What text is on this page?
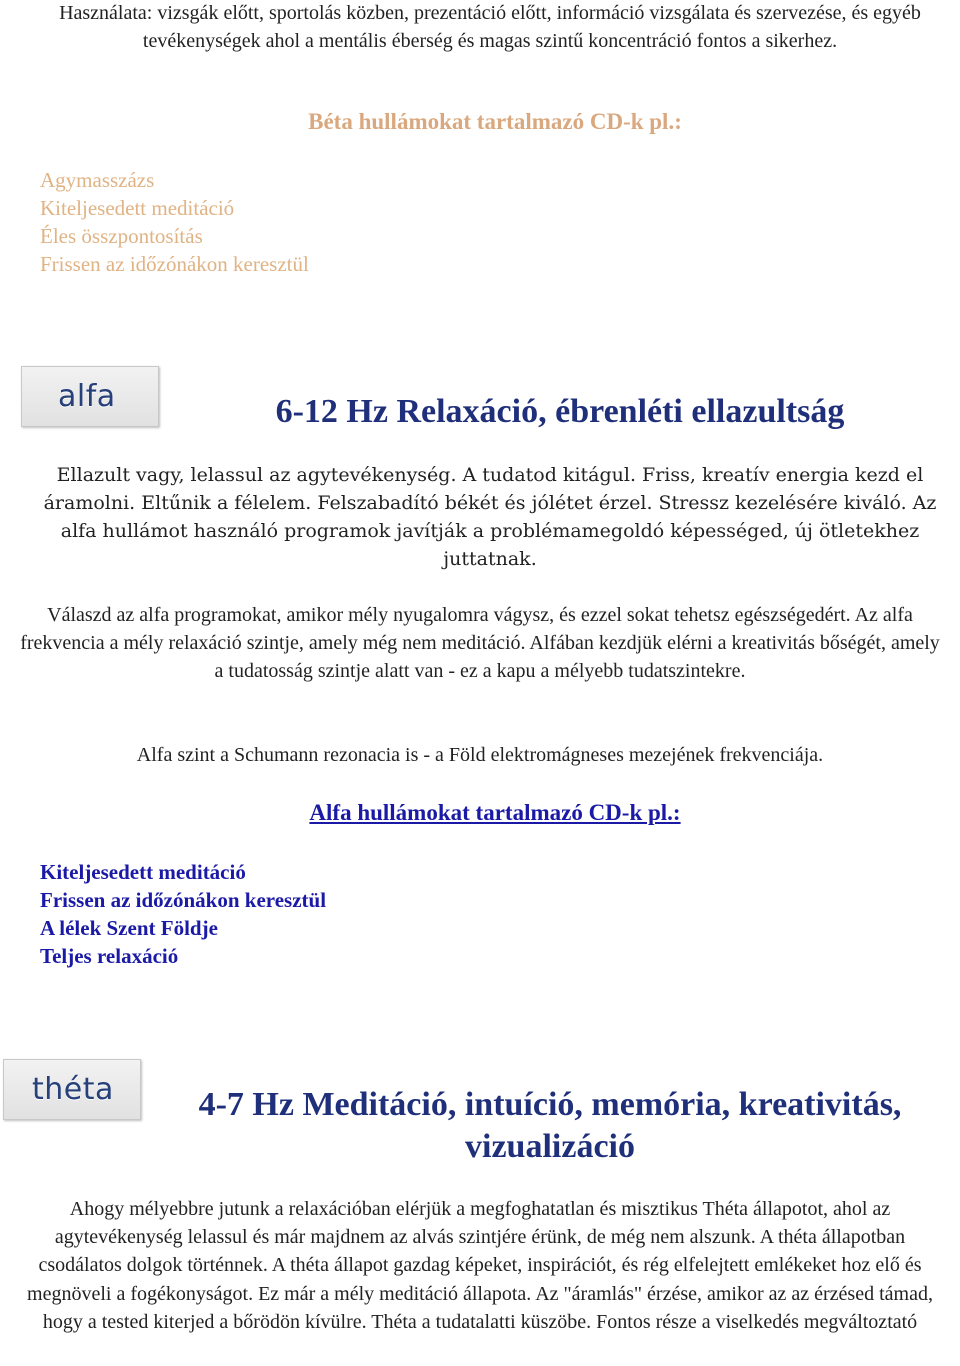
Használata: vizsgák előtt, sportolás közben, prezentáció előtt, információ vizsgálata és szervezése, és egyéb tevékenységek ahol a mentális éberség és magas szintű koncentráció fontos a sikerhez.

Béta hullámokat tartalmazó CD-k pl.:
Agymasszázs
Kiteljesedett meditáció
Éles összpontosítás
Frissen az időzónákon keresztül
alfa	6-12 Hz Relaxáció, ébrenléti ellazultság

Ellazult vagy, lelassul az agytevékenység. A tudatod kitágul. Friss, kreatív energia kezd el áramolni. Eltűnik a félelem. Felszabadító békét és jólétet érzel. Stressz kezelésére kiváló. Az alfa hullámot használó programok javítják a problémamegoldó képességed, új ötletekhez juttatnak.

Válaszd az alfa programokat, amikor mély nyugalomra vágysz, és ezzel sokat tehetsz egészségedért. Az alfa frekvencia a mély relaxáció szintje, amely még nem meditáció. Alfában kezdjük elérni a kreativitás bőségét, amely a tudatosság szintje alatt van - ez a kapu a mélyebb tudatszintekre.

Alfa szint a Schumann rezonacia is - a Föld elektromágneses mezejének frekvenciája.

Alfa hullámokat tartalmazó CD-k pl.:
Kiteljesedett meditáció
Frissen az időzónákon keresztül
A lélek Szent Földje
Teljes relaxáció
théta	4-7 Hz Meditáció, intuíció, memória, kreativitás, vizualizáció

Ahogy mélyebbre jutunk a relaxációban elérjük a megfoghatatlan és misztikus Théta állapotot, ahol az agytevékenység lelassul és már majdnem az alvás szintjére érünk, de még nem alszunk. A théta állapotban csodálatos dolgok történnek. A théta állapot gazdag képeket, inspirációt, és rég elfelejtett emlékeket hoz elő és megnöveli a fogékonyságot. Ez már a mély meditáció állapota. Az "áramlás" érzése, amikor az az érzésed támad, hogy a tested kiterjed a bőrödön kívülre. Théta a tudatalatti küszöbe. Fontos része a viselkedés megváltoztató
